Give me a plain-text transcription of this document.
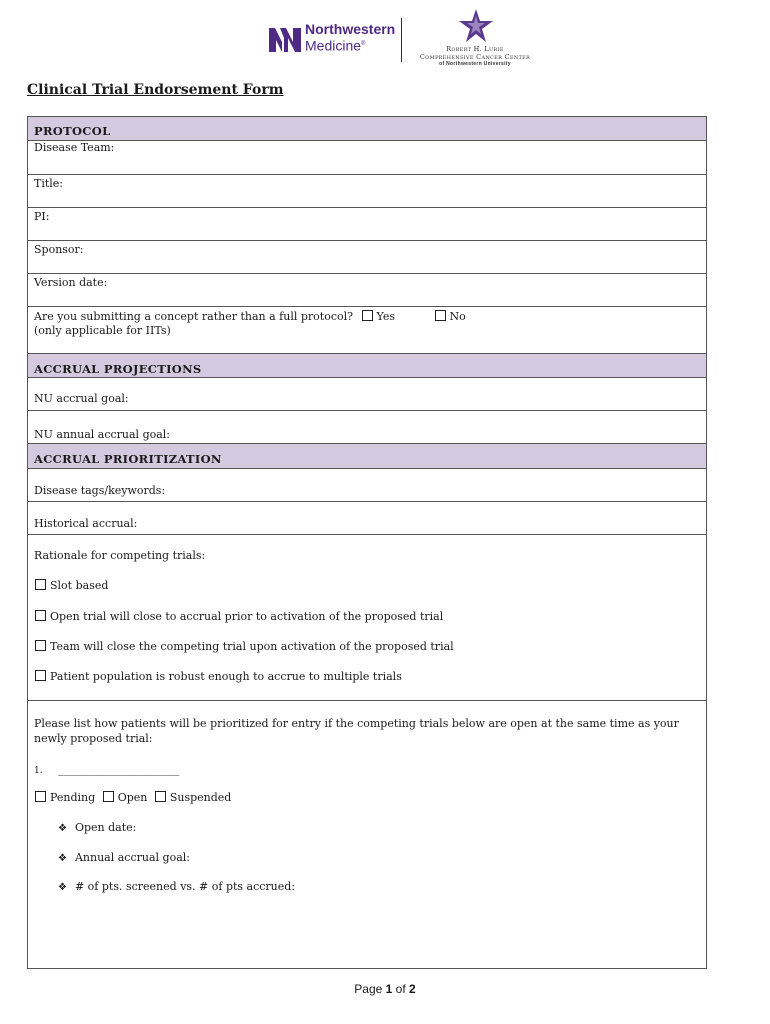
Northwestern
Medicine®
Robert H. Lurie
Comprehensive Cancer Center
of Northwestern University
Clinical Trial Endorsement Form
PROTOCOL
Disease Team:
Title:
PI:
Sponsor:
Version date:
Are you submitting a concept rather than a full protocol? Yes	No
(only applicable for IITs)
ACCRUAL PROJECTIONS
NU accrual goal:
NU annual accrual goal:
ACCRUAL PRIORITIZATION
Disease tags/keywords:
Historical accrual:
Rationale for competing trials:
Slot based
Open trial will close to accrual prior to activation of the proposed trial
Team will close the competing trial upon activation of the proposed trial
Patient population is robust enough to accrue to multiple trials
Please list how patients will be prioritized for entry if the competing trials below are open at the same time as your newly proposed trial:
1. ______________________
Pending Open Suspended
❖ Open date:
❖ Annual accrual goal:
❖ # of pts. screened vs. # of pts accrued:
Page 1 of 2
